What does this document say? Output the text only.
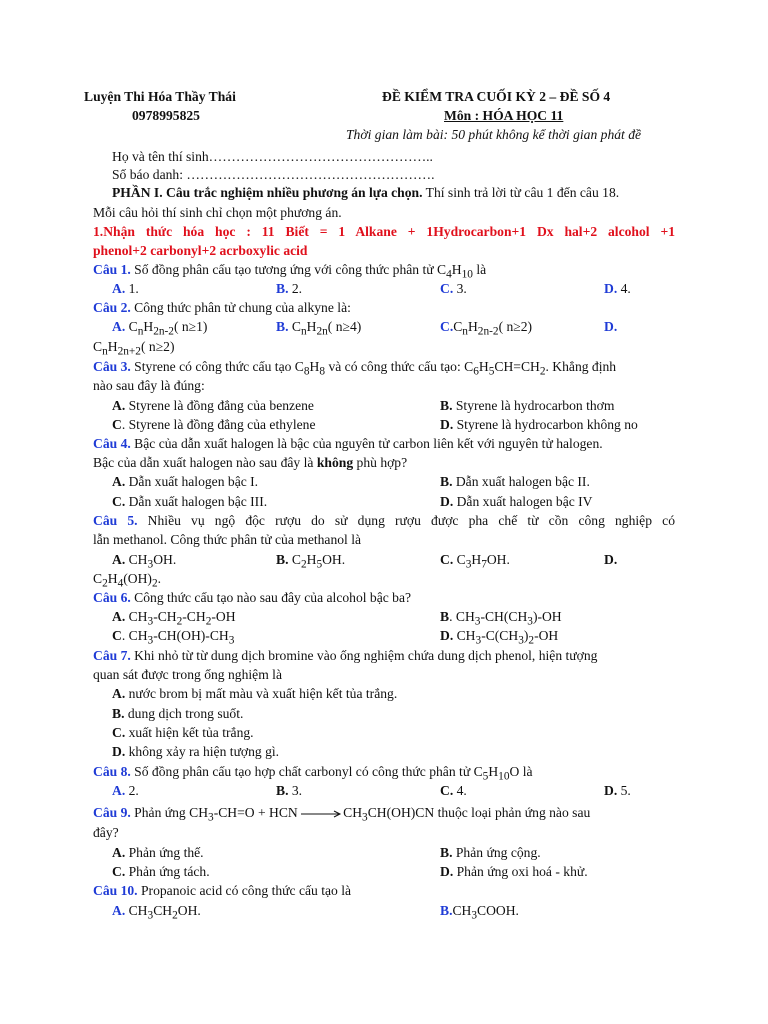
Luyện Thi Hóa Thầy Thái
0978995825
ĐỀ KIỂM TRA CUỐI KỲ 2 – ĐỀ SỐ 4
Môn : HÓA HỌC 11
Thời gian làm bài: 50 phút không kể thời gian phát đề
Họ và tên thí sinh…………………………………………..
Số báo danh: ……………………………………………….
PHẦN I. Câu trắc nghiệm nhiều phương án lựa chọn. Thí sinh trả lời từ câu 1 đến câu 18.
Mỗi câu hỏi thí sinh chỉ chọn một phương án.
1.Nhận thức hóa học : 11 Biết = 1 Alkane + 1Hydrocarbon+1 Dx hal+2 alcohol +1
phenol+2 carbonyl+2 acrboxylic acid
Câu 1. Số đồng phân cấu tạo tương ứng với công thức phân tử $C_4H_{10}$ là
A. 1.	B. 2.	C. 3.	D. 4.
Câu 2. Công thức phân tử chung của alkyne là:
A. $C_nH_{2n-2}$( n≥1)	B. $C_nH_{2n}$( n≥4)	$C.C_nH_{2n-2}$( n≥2)	D.
$C_nH_{2n+2}$( n≥2)
Câu 3. Styrene có công thức cấu tạo $C_8H_8$ và có công thức cấu tạo: $C_6H_5CH=CH_2$. Khẳng định
nào sau đây là đúng:
A. Styrene là đồng đẳng của benzene	B. Styrene là hydrocarbon thơm
C. Styrene là đồng đẳng của ethylene	D. Styrene là hydrocarbon không no
Câu 4. Bậc của dẫn xuất halogen là bậc của nguyên tử carbon liên kết với nguyên tử halogen.
Bậc của dẫn xuất halogen nào sau đây là không phù hợp?
A. Dẫn xuất halogen bậc I.	B. Dẫn xuất halogen bậc II.
C. Dẫn xuất halogen bậc III.	D. Dẫn xuất halogen bậc IV
Câu 5. Nhiều vụ ngộ độc rượu do sử dụng rượu được pha chế từ cồn công nghiệp có
lẫn methanol. Công thức phân tử của methanol là
A. $CH_3OH$.	B. $C_2H_5OH$.	C. $C_3H_7OH$.	D.
$C_2H_4(OH)_2$.
Câu 6. Công thức cấu tạo nào sau đây của alcohol bậc ba?
A. $CH_3-CH_2-CH_2-OH$	B. $CH_3-CH(CH_3)-OH$
C. $CH_3-CH(OH)-CH_3$	D. $CH_3-C(CH_3)_2-OH$
Câu 7. Khi nhỏ từ từ dung dịch bromine vào ống nghiệm chứa dung dịch phenol, hiện tượng
quan sát được trong ống nghiệm là
A. nước brom bị mất màu và xuất hiện kết tủa trắng.
B. dung dịch trong suốt.
C. xuất hiện kết tủa trắng.
D. không xảy ra hiện tượng gì.
Câu 8. Số đồng phân cấu tạo hợp chất carbonyl có công thức phân tử $C_5H_{10}O$ là
A. 2.	B. 3.	C. 4.	D. 5.
Câu 9. Phản ứng $CH_3-CH=O$ + HCN $\to CH_3CH(OH)CN$ thuộc loại phản ứng nào sau
đây?
A. Phản ứng thế.	B. Phản ứng cộng.
C. Phản ứng tách.	D. Phản ứng oxi hoá - khử.
Câu 10. Propanoic acid có công thức cấu tạo là
A. $CH_3CH_2OH$.	$B.CH_3COOH$.
